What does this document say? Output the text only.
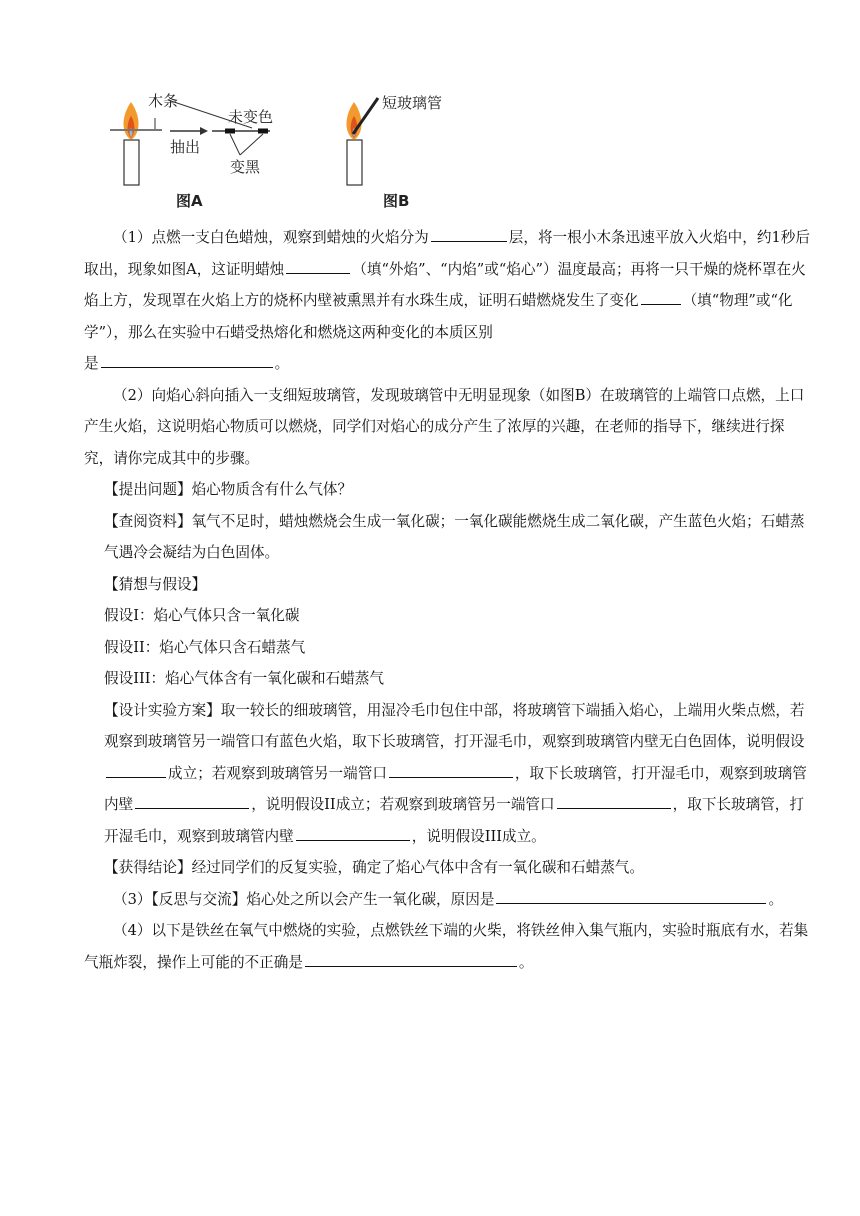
木条
未变色
抽出
变黑
图A
短玻璃管
图B

（1）点燃一支白色蜡烛，观察到蜡烛的火焰分为	层，将一根小木条迅速平放入火焰中，约1秒后取出，现象如图A，这证明蜡烛	（填“外焰”、“内焰”或“焰心”）温度最高；再将一只干燥的烧杯罩在火焰上方，发现罩在火焰上方的烧杯内壁被熏黑并有水珠生成，证明石蜡燃烧发生了变化	（填“物理”或“化学”），那么在实验中石蜡受热熔化和燃烧这两种变化的本质区别

是	。

（2）向焰心斜向插入一支细短玻璃管，发现玻璃管中无明显现象（如图B）在玻璃管的上端管口点燃，上口产生火焰，这说明焰心物质可以燃烧，同学们对焰心的成分产生了浓厚的兴趣，在老师的指导下，继续进行探究，请你完成其中的步骤。

【提出问题】焰心物质含有什么气体？

【查阅资料】氧气不足时，蜡烛燃烧会生成一氧化碳；一氧化碳能燃烧生成二氧化碳，产生蓝色火焰；石蜡蒸气遇冷会凝结为白色固体。

【猜想与假设】

假设I：焰心气体只含一氧化碳

假设II：焰心气体只含石蜡蒸气

假设III：焰心气体含有一氧化碳和石蜡蒸气

【设计实验方案】取一较长的细玻璃管，用湿冷毛巾包住中部，将玻璃管下端插入焰心，上端用火柴点燃，若观察到玻璃管另一端管口有蓝色火焰，取下长玻璃管，打开湿毛巾，观察到玻璃管内壁无白色固体，说明假设成立；若观察到玻璃管另一端管口	，取下长玻璃管，打开湿毛巾，观察到玻璃管内壁	，说明假设II成立；若观察到玻璃管另一端管口	，取下长玻璃管，打开湿毛巾，观察到玻璃管内壁	，说明假设III成立。

【获得结论】经过同学们的反复实验，确定了焰心气体中含有一氧化碳和石蜡蒸气。

（3）【反思与交流】焰心处之所以会产生一氧化碳，原因是	。

（4）以下是铁丝在氧气中燃烧的实验，点燃铁丝下端的火柴，将铁丝伸入集气瓶内，实验时瓶底有水，若集气瓶炸裂，操作上可能的不正确是	。
